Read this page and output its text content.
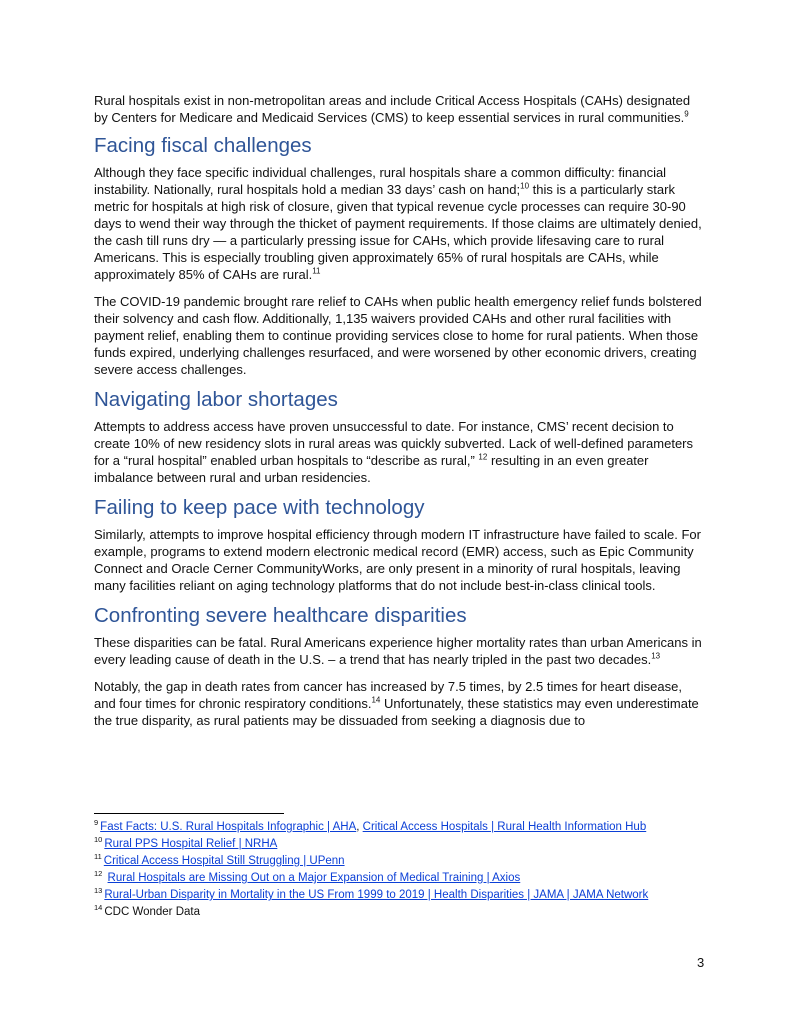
Rural hospitals exist in non-metropolitan areas and include Critical Access Hospitals (CAHs) designated by Centers for Medicare and Medicaid Services (CMS) to keep essential services in rural communities.$^9$

Facing fiscal challenges

Although they face specific individual challenges, rural hospitals share a common difficulty: financial instability. Nationally, rural hospitals hold a median 33 days’ cash on hand;$^{10}$ this is a particularly stark metric for hospitals at high risk of closure, given that typical revenue cycle processes can require 30-90 days to wend their way through the thicket of payment requirements. If those claims are ultimately denied, the cash till runs dry — a particularly pressing issue for CAHs, which provide lifesaving care to rural Americans. This is especially troubling given approximately 65% of rural hospitals are CAHs, while approximately 85% of CAHs are rural.$^{11}$

The COVID-19 pandemic brought rare relief to CAHs when public health emergency relief funds bolstered their solvency and cash flow. Additionally, 1,135 waivers provided CAHs and other rural facilities with payment relief, enabling them to continue providing services close to home for rural patients. When those funds expired, underlying challenges resurfaced, and were worsened by other economic drivers, creating severe access challenges.

Navigating labor shortages

Attempts to address access have proven unsuccessful to date. For instance, CMS’ recent decision to create 10% of new residency slots in rural areas was quickly subverted. Lack of well-defined parameters for a “rural hospital” enabled urban hospitals to “describe as rural,” $^{12}$ resulting in an even greater imbalance between rural and urban residencies.

Failing to keep pace with technology

Similarly, attempts to improve hospital efficiency through modern IT infrastructure have failed to scale. For example, programs to extend modern electronic medical record (EMR) access, such as Epic Community Connect and Oracle Cerner CommunityWorks, are only present in a minority of rural hospitals, leaving many facilities reliant on aging technology platforms that do not include best-in-class clinical tools.

Confronting severe healthcare disparities

These disparities can be fatal. Rural Americans experience higher mortality rates than urban Americans in every leading cause of death in the U.S. – a trend that has nearly tripled in the past two decades.$^{13}$

Notably, the gap in death rates from cancer has increased by 7.5 times, by 2.5 times for heart disease, and four times for chronic respiratory conditions.$^{14}$ Unfortunately, these statistics may even underestimate the true disparity, as rural patients may be dissuaded from seeking a diagnosis due to

$^9$ Fast Facts: U.S. Rural Hospitals Infographic | AHA, Critical Access Hospitals | Rural Health Information Hub

$^{10}$ Rural PPS Hospital Relief | NRHA

$^{11}$ Critical Access Hospital Still Struggling | UPenn

$^{12}$ Rural Hospitals are Missing Out on a Major Expansion of Medical Training | Axios

$^{13}$ Rural-Urban Disparity in Mortality in the US From 1999 to 2019 | Health Disparities | JAMA | JAMA Network

$^{14}$ CDC Wonder Data

3
